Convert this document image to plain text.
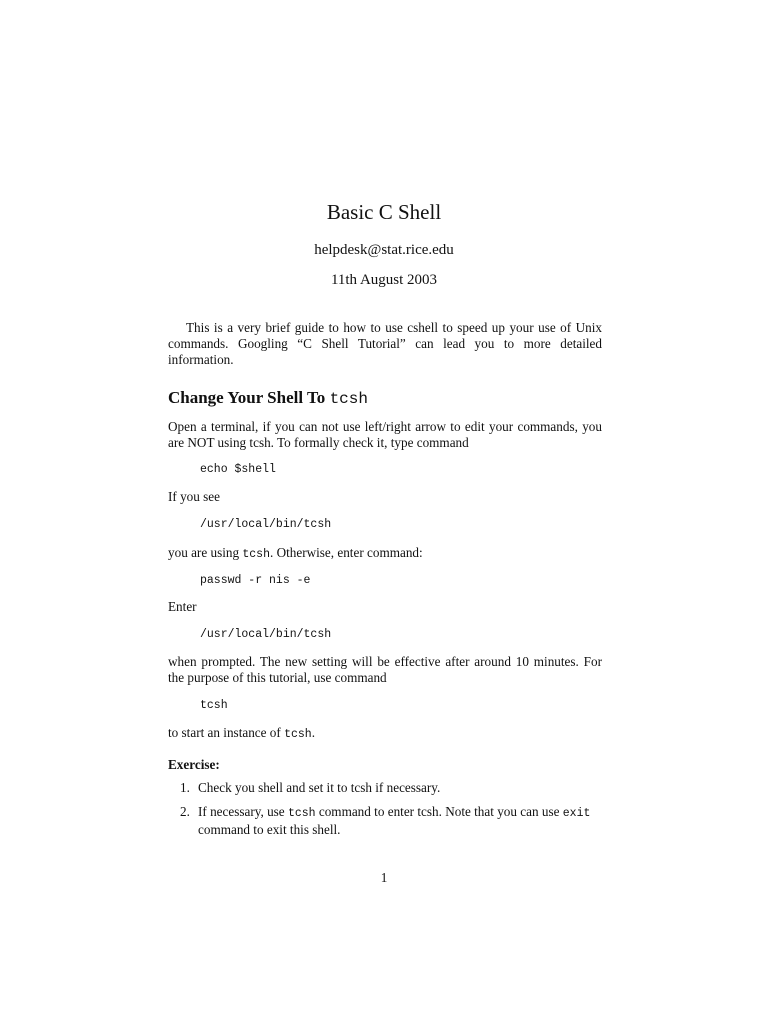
Basic C Shell
helpdesk@stat.rice.edu
11th August 2003
This is a very brief guide to how to use cshell to speed up your use of Unix commands. Googling “C Shell Tutorial” can lead you to more detailed information.
Change Your Shell To tcsh
Open a terminal, if you can not use left/right arrow to edit your commands, you are NOT using tcsh. To formally check it, type command
echo $shell
If you see
/usr/local/bin/tcsh
you are using tcsh. Otherwise, enter command:
passwd -r nis -e
Enter
/usr/local/bin/tcsh
when prompted. The new setting will be effective after around 10 minutes. For the purpose of this tutorial, use command
tcsh
to start an instance of tcsh.
Exercise:
1. Check you shell and set it to tcsh if necessary.
2. If necessary, use tcsh command to enter tcsh. Note that you can use exit command to exit this shell.
1
